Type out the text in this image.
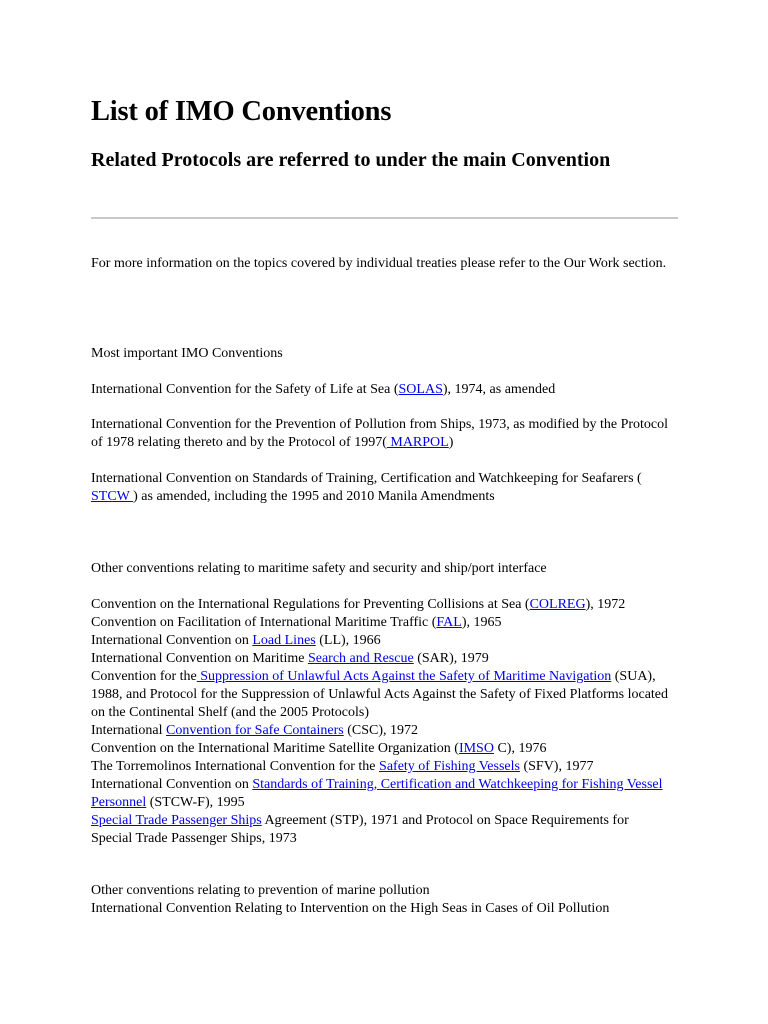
List of IMO Conventions
Related Protocols are referred to under the main Convention

For more information on the topics covered by individual treaties please refer to the Our Work section.

Most important IMO Conventions

International Convention for the Safety of Life at Sea (SOLAS), 1974, as amended

International Convention for the Prevention of Pollution from Ships, 1973, as modified by the Protocol of 1978 relating thereto and by the Protocol of 1997( MARPOL)

International Convention on Standards of Training, Certification and Watchkeeping for Seafarers ( STCW ) as amended, including the 1995 and 2010 Manila Amendments

Other conventions relating to maritime safety and security and ship/port interface

Convention on the International Regulations for Preventing Collisions at Sea (COLREG), 1972
Convention on Facilitation of International Maritime Traffic (FAL), 1965
International Convention on Load Lines (LL), 1966
International Convention on Maritime Search and Rescue (SAR), 1979
Convention for the Suppression of Unlawful Acts Against the Safety of Maritime Navigation (SUA), 1988, and Protocol for the Suppression of Unlawful Acts Against the Safety of Fixed Platforms located on the Continental Shelf (and the 2005 Protocols)
International Convention for Safe Containers (CSC), 1972
Convention on the International Maritime Satellite Organization (IMSO C), 1976
The Torremolinos International Convention for the Safety of Fishing Vessels (SFV), 1977
International Convention on Standards of Training, Certification and Watchkeeping for Fishing Vessel Personnel (STCW-F), 1995
Special Trade Passenger Ships Agreement (STP), 1971 and Protocol on Space Requirements for Special Trade Passenger Ships, 1973
Other conventions relating to prevention of marine pollution
International Convention Relating to Intervention on the High Seas in Cases of Oil Pollution
